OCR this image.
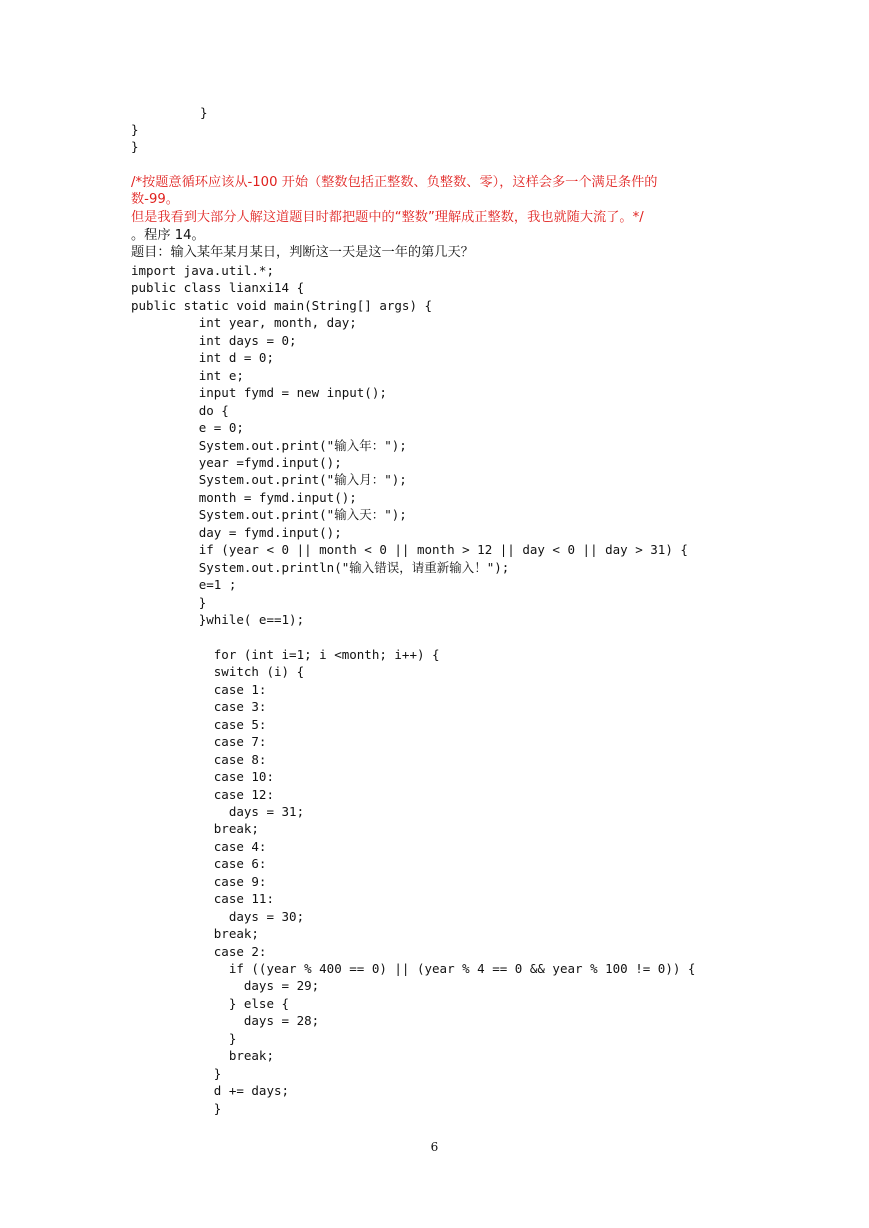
}
}
}
/*按题意循环应该从-100 开始（整数包括正整数、负整数、零），这样会多一个满足条件的
数-99。
但是我看到大部分人解这道题目时都把题中的“整数”理解成正整数，我也就随大流了。*/
。程序 14。
题目：输入某年某月某日，判断这一天是这一年的第几天？
import java.util.*;
public class lianxi14 {
public static void main(String[] args) {
int year, month, day;
int days = 0;
int d = 0;
int e;
input fymd = new input();
do {
e = 0;
System.out.print("输入年：");
year =fymd.input();
System.out.print("输入月：");
month = fymd.input();
System.out.print("输入天：");
day = fymd.input();
if (year < 0 || month < 0 || month > 12 || day < 0 || day > 31) {
System.out.println("输入错误，请重新输入！");
e=1 ;
}
}while( e==1);
for (int i=1; i <month; i++) {
switch (i) {
case 1:
case 3:
case 5:
case 7:
case 8:
case 10:
case 12:
days = 31;
break;
case 4:
case 6:
case 9:
case 11:
days = 30;
break;
case 2:
if ((year % 400 == 0) || (year % 4 == 0 && year % 100 != 0)) {
days = 29;
} else {
days = 28;
}
break;
}
d += days;
}
6
